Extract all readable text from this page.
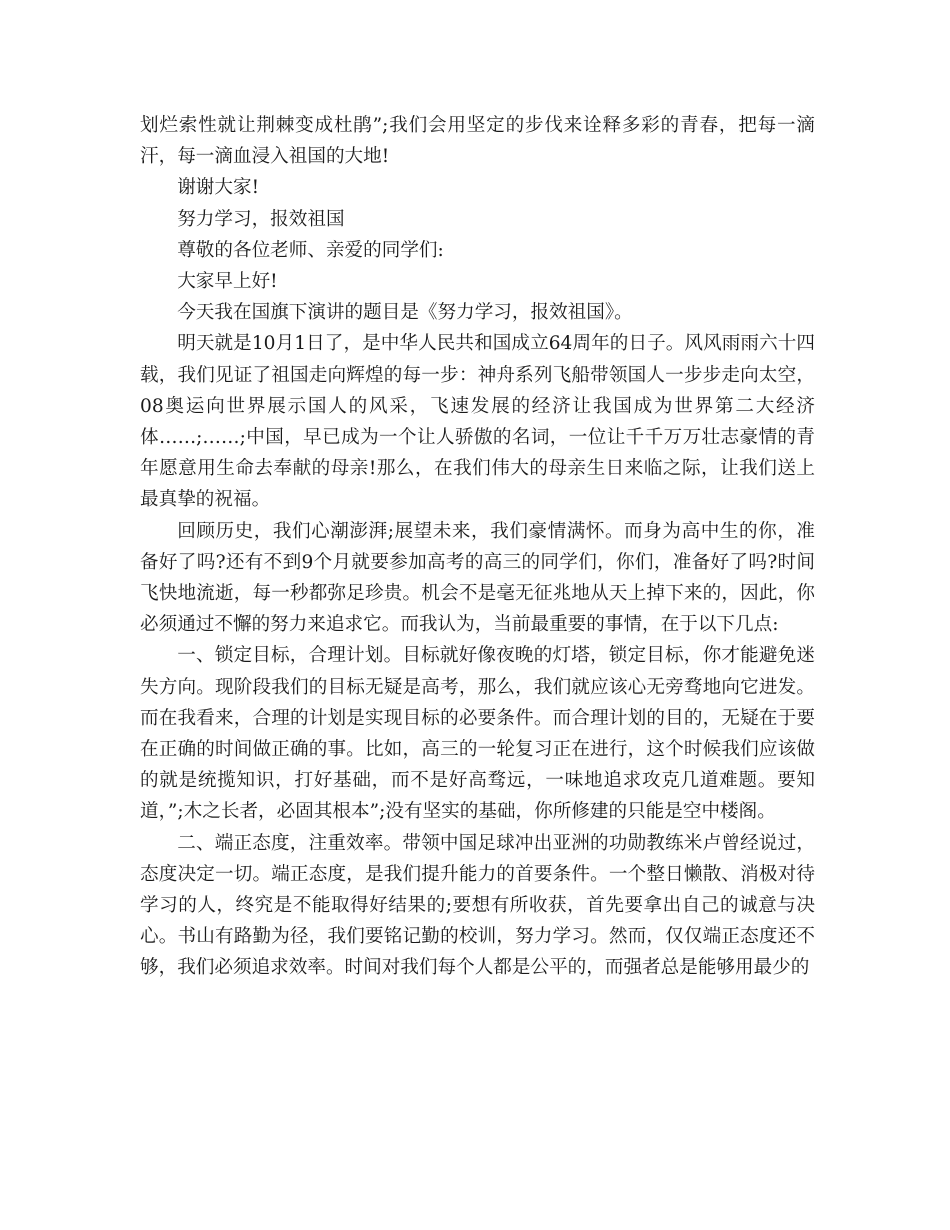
划烂索性就让荆棘变成杜鹃”;我们会用坚定的步伐来诠释多彩的青春，把每一滴汗，每一滴血浸入祖国的大地!

谢谢大家!

努力学习，报效祖国

尊敬的各位老师、亲爱的同学们:

大家早上好!

今天我在国旗下演讲的题目是《努力学习，报效祖国》。

明天就是10月1日了，是中华人民共和国成立64周年的日子。风风雨雨六十四载，我们见证了祖国走向辉煌的每一步：神舟系列飞船带领国人一步步走向太空，08奥运向世界展示国人的风采，飞速发展的经济让我国成为世界第二大经济体……;……;中国，早已成为一个让人骄傲的名词，一位让千千万万壮志豪情的青年愿意用生命去奉献的母亲!那么，在我们伟大的母亲生日来临之际，让我们送上最真挚的祝福。

回顾历史，我们心潮澎湃;展望未来，我们豪情满怀。而身为高中生的你，准备好了吗?还有不到9个月就要参加高考的高三的同学们，你们，准备好了吗?时间飞快地流逝，每一秒都弥足珍贵。机会不是毫无征兆地从天上掉下来的，因此，你必须通过不懈的努力来追求它。而我认为，当前最重要的事情，在于以下几点:

一、锁定目标，合理计划。目标就好像夜晚的灯塔，锁定目标，你才能避免迷失方向。现阶段我们的目标无疑是高考，那么，我们就应该心无旁骛地向它进发。而在我看来，合理的计划是实现目标的必要条件。而合理计划的目的，无疑在于要在正确的时间做正确的事。比如，高三的一轮复习正在进行，这个时候我们应该做的就是统揽知识，打好基础，而不是好高骛远，一味地追求攻克几道难题。要知道，”;木之长者，必固其根本”;没有坚实的基础，你所修建的只能是空中楼阁。

二、端正态度，注重效率。带领中国足球冲出亚洲的功勋教练米卢曾经说过，态度决定一切。端正态度，是我们提升能力的首要条件。一个整日懒散、消极对待学习的人，终究是不能取得好结果的;要想有所收获，首先要拿出自己的诚意与决心。书山有路勤为径，我们要铭记勤的校训，努力学习。然而，仅仅端正态度还不够，我们必须追求效率。时间对我们每个人都是公平的，而强者总是能够用最少的
